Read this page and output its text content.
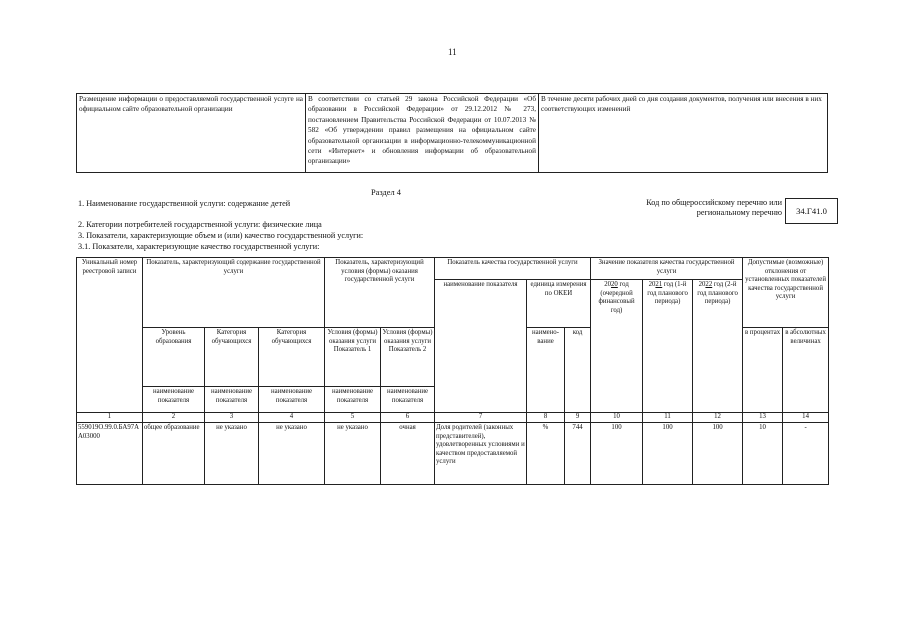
11
Размещение информации о предоставляемой государственной услуге на официальном сайте образовательной организации	В соответствии со статьей 29 закона Российской Федерации «Об образовании в Российской Федерации» от 29.12.2012 № 273, постановлением Правительства Российской Федерации от 10.07.2013 № 582 «Об утверждении правил размещения на официальном сайте образовательной организации в информационно-телекоммуникационной сети «Интернет» и обновления информации об образовательной организации»	В течение десяти рабочих дней со дня создания документов, получения или внесения в них соответствующих изменений
Раздел 4
1. Наименование государственной услуги: содержание детей
2. Категории потребителей государственной услуги: физические лица
3. Показатели, характеризующие объем и (или) качество государственной услуги:
3.1. Показатели, характеризующие качество государственной услуги:
Код по общероссийскому перечню или региональному перечню	34.Г41.0
Уникальный номер реестровой записи	Показатель, характеризующий содержание государственной услуги			Показатель, характеризующий условия (формы) оказания государственной услуги		Показатель качества государственной услуги			Значение показателя качества государственной услуги			Допустимые (возможные) отклонения от установленных показателей качества государственной услуги	
						наименование показателя	единица измерения по ОКЕИ		2020 год (очередной финансовый год)	2021 год (1-й год планового периода)	2022 год (2-й год планового периода)		
	Уровень образования	Категория обучающихся	Категория обучающихся	Условия (формы) оказания услуги Показатель 1	Условия (формы) оказания услуги Показатель 2		наимено-вание	код				в процентах	в абсолютных величинах
	наименование показателя	наименование показателя	наименование показателя	наименование показателя	наименование показателя								
1	2	3	4	5	6	7	8	9	10	11	12	13	14
559019О.99.0.БА97АА03000	общее образование	не указано	не указано	не указано	очная	Доля родителей (законных представителей), удовлетворенных условиями и качеством предоставляемой услуги	%	744	100	100	100	10	-
